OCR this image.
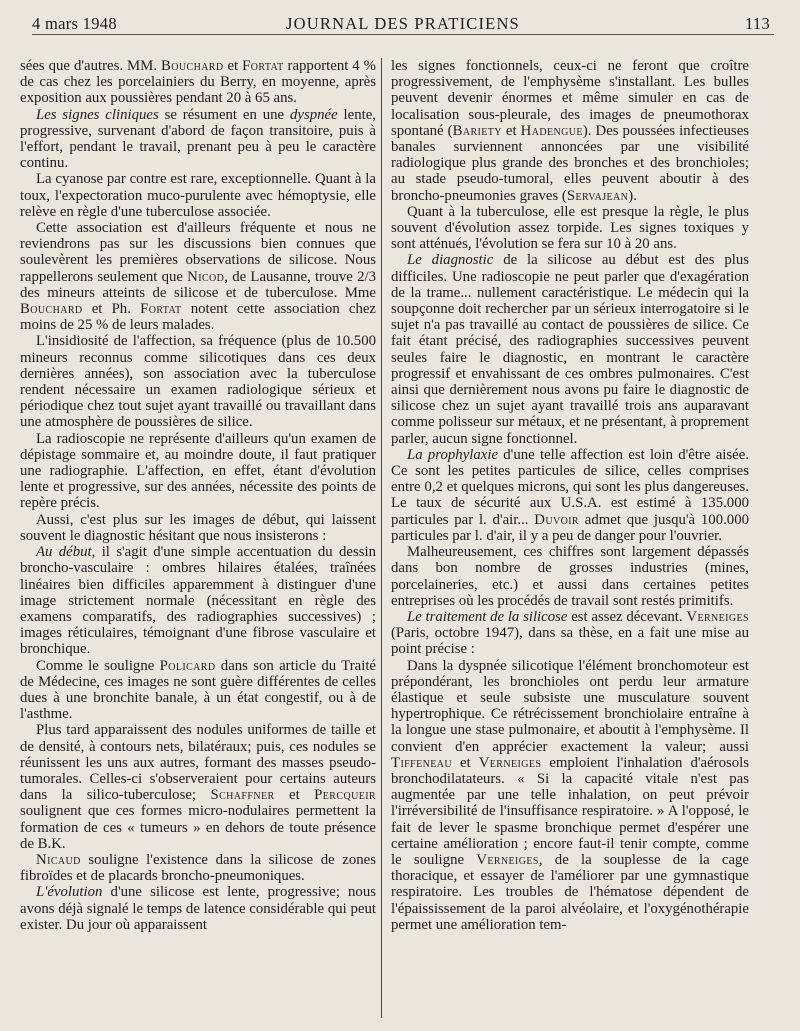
4 mars 1948	JOURNAL DES PRATICIENS	113

sées que d'autres. MM. Bouchard et Fortat rapportent 4 % de cas chez les porcelainiers du Berry, en moyenne, après exposition aux poussières pendant 20 à 65 ans.

Les signes cliniques se résument en une dyspnée lente, progressive, survenant d'abord de façon transitoire, puis à l'effort, pendant le travail, prenant peu à peu le caractère continu.

La cyanose par contre est rare, exceptionnelle. Quant à la toux, l'expectoration muco-purulente avec hémoptysie, elle relève en règle d'une tuberculose associée.

Cette association est d'ailleurs fréquente et nous ne reviendrons pas sur les discussions bien connues que soulevèrent les premières observations de silicose. Nous rappellerons seulement que Nicod, de Lausanne, trouve 2/3 des mineurs atteints de silicose et de tuberculose. Mme Bouchard et Ph. Fortat notent cette association chez moins de 25 % de leurs malades.

L'insidiosité de l'affection, sa fréquence (plus de 10.500 mineurs reconnus comme silicotiques dans ces deux dernières années), son association avec la tuberculose rendent nécessaire un examen radiologique sérieux et périodique chez tout sujet ayant travaillé ou travaillant dans une atmosphère de poussières de silice.

La radioscopie ne représente d'ailleurs qu'un examen de dépistage sommaire et, au moindre doute, il faut pratiquer une radiographie. L'affection, en effet, étant d'évolution lente et progressive, sur des années, nécessite des points de repère précis.

Aussi, c'est plus sur les images de début, qui laissent souvent le diagnostic hésitant que nous insisterons :

Au début, il s'agit d'une simple accentuation du dessin broncho-vasculaire : ombres hilaires étalées, traînées linéaires bien difficiles apparemment à distinguer d'une image strictement normale (nécessitant en règle des examens comparatifs, des radiographies successives) ; images réticulaires, témoignant d'une fibrose vasculaire et bronchique.

Comme le souligne Policard dans son article du Traité de Médecine, ces images ne sont guère différentes de celles dues à une bronchite banale, à un état congestif, ou à de l'asthme.

Plus tard apparaissent des nodules uniformes de taille et de densité, à contours nets, bilatéraux; puis, ces nodules se réunissent les uns aux autres, formant des masses pseudo-tumorales. Celles-ci s'observeraient pour certains auteurs dans la silico-tuberculose; Schaffner et Percqueir soulignent que ces formes micro-nodulaires permettent la formation de ces « tumeurs » en dehors de toute présence de B.K.

Nicaud souligne l'existence dans la silicose de zones fibroïdes et de placards broncho-pneumoniques.

L'évolution d'une silicose est lente, progressive; nous avons déjà signalé le temps de latence considérable qui peut exister. Du jour où apparaissent

les signes fonctionnels, ceux-ci ne feront que croître progressivement, de l'emphysème s'installant. Les bulles peuvent devenir énormes et même simuler en cas de localisation sous-pleurale, des images de pneumothorax spontané (Bariety et Hadengue). Des poussées infectieuses banales surviennent annoncées par une visibilité radiologique plus grande des bronches et des bronchioles; au stade pseudo-tumoral, elles peuvent aboutir à des broncho-pneumonies graves (Servajean).

Quant à la tuberculose, elle est presque la règle, le plus souvent d'évolution assez torpide. Les signes toxiques y sont atténués, l'évolution se fera sur 10 à 20 ans.

Le diagnostic de la silicose au début est des plus difficiles. Une radioscopie ne peut parler que d'exagération de la trame... nullement caractéristique. Le médecin qui la soupçonne doit rechercher par un sérieux interrogatoire si le sujet n'a pas travaillé au contact de poussières de silice. Ce fait étant précisé, des radiographies successives peuvent seules faire le diagnostic, en montrant le caractère progressif et envahissant de ces ombres pulmonaires. C'est ainsi que dernièrement nous avons pu faire le diagnostic de silicose chez un sujet ayant travaillé trois ans auparavant comme polisseur sur métaux, et ne présentant, à proprement parler, aucun signe fonctionnel.

La prophylaxie d'une telle affection est loin d'être aisée. Ce sont les petites particules de silice, celles comprises entre 0,2 et quelques microns, qui sont les plus dangereuses. Le taux de sécurité aux U.S.A. est estimé à 135.000 particules par l. d'air... Duvoir admet que jusqu'à 100.000 particules par l. d'air, il y a peu de danger pour l'ouvrier.

Malheureusement, ces chiffres sont largement dépassés dans bon nombre de grosses industries (mines, porcelaineries, etc.) et aussi dans certaines petites entreprises où les procédés de travail sont restés primitifs.

Le traitement de la silicose est assez décevant. Verneiges (Paris, octobre 1947), dans sa thèse, en a fait une mise au point précise :

Dans la dyspnée silicotique l'élément bronchomoteur est prépondérant, les bronchioles ont perdu leur armature élastique et seule subsiste une musculature souvent hypertrophique. Ce rétrécissement bronchiolaire entraîne à la longue une stase pulmonaire, et aboutit à l'emphysème. Il convient d'en apprécier exactement la valeur; aussi Tiffeneau et Verneiges emploient l'inhalation d'aérosols bronchodilatateurs. « Si la capacité vitale n'est pas augmentée par une telle inhalation, on peut prévoir l'irréversibilité de l'insuffisance respiratoire. » A l'opposé, le fait de lever le spasme bronchique permet d'espérer une certaine amélioration ; encore faut-il tenir compte, comme le souligne Verneiges, de la souplesse de la cage thoracique, et essayer de l'améliorer par une gymnastique respiratoire. Les troubles de l'hématose dépendent de l'épaississement de la paroi alvéolaire, et l'oxygénothérapie permet une amélioration tem-
